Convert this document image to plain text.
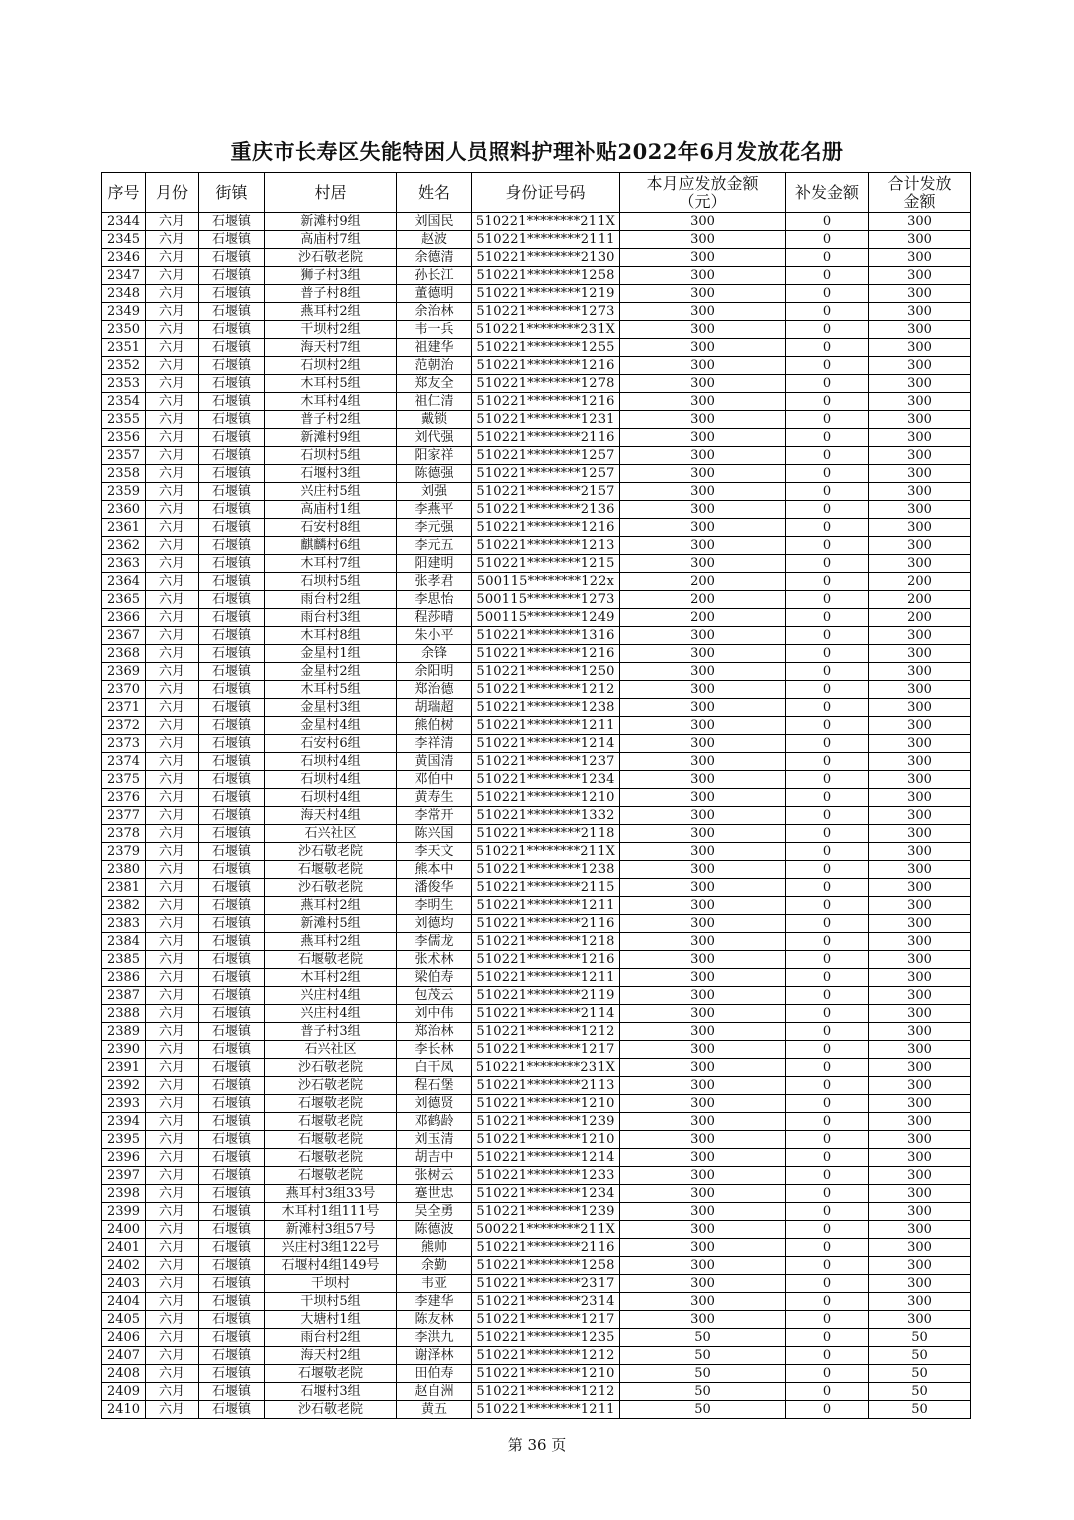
重庆市长寿区失能特困人员照料护理补贴2022年6月发放花名册
序号	月份	街镇	村居	姓名	身份证号码	本月应发放金额（元）	补发金额	合计发放金额
2344	六月	石堰镇	新滩村9组	刘国民	510221********211X	300	0	300
2345	六月	石堰镇	高庙村7组	赵波	510221********2111	300	0	300
2346	六月	石堰镇	沙石敬老院	余德清	510221********2130	300	0	300
2347	六月	石堰镇	狮子村3组	孙长江	510221********1258	300	0	300
2348	六月	石堰镇	普子村8组	董德明	510221********1219	300	0	300
2349	六月	石堰镇	燕耳村2组	余治林	510221********1273	300	0	300
2350	六月	石堰镇	干坝村2组	韦一兵	510221********231X	300	0	300
2351	六月	石堰镇	海天村7组	祖建华	510221********1255	300	0	300
2352	六月	石堰镇	石坝村2组	范朝治	510221********1216	300	0	300
2353	六月	石堰镇	木耳村5组	郑友全	510221********1278	300	0	300
2354	六月	石堰镇	木耳村4组	祖仁清	510221********1216	300	0	300
2355	六月	石堰镇	普子村2组	戴锁	510221********1231	300	0	300
2356	六月	石堰镇	新滩村9组	刘代强	510221********2116	300	0	300
2357	六月	石堰镇	石坝村5组	阳家祥	510221********1257	300	0	300
2358	六月	石堰镇	石堰村3组	陈德强	510221********1257	300	0	300
2359	六月	石堰镇	兴庄村5组	刘强	510221********2157	300	0	300
2360	六月	石堰镇	高庙村1组	李燕平	510221********2136	300	0	300
2361	六月	石堰镇	石安村8组	李元强	510221********1216	300	0	300
2362	六月	石堰镇	麒麟村6组	李元五	510221********1213	300	0	300
2363	六月	石堰镇	木耳村7组	阳建明	510221********1215	300	0	300
2364	六月	石堰镇	石坝村5组	张孝君	500115********122x	200	0	200
2365	六月	石堰镇	雨台村2组	李思怡	500115********1273	200	0	200
2366	六月	石堰镇	雨台村3组	程莎晴	500115********1249	200	0	200
2367	六月	石堰镇	木耳村8组	朱小平	510221********1316	300	0	300
2368	六月	石堰镇	金星村1组	余锋	510221********1216	300	0	300
2369	六月	石堰镇	金星村2组	余阳明	510221********1250	300	0	300
2370	六月	石堰镇	木耳村5组	郑治德	510221********1212	300	0	300
2371	六月	石堰镇	金星村3组	胡瑞超	510221********1238	300	0	300
2372	六月	石堰镇	金星村4组	熊伯树	510221********1211	300	0	300
2373	六月	石堰镇	石安村6组	李祥清	510221********1214	300	0	300
2374	六月	石堰镇	石坝村4组	黄国清	510221********1237	300	0	300
2375	六月	石堰镇	石坝村4组	邓伯中	510221********1234	300	0	300
2376	六月	石堰镇	石坝村4组	黄寿生	510221********1210	300	0	300
2377	六月	石堰镇	海天村4组	李常开	510221********1332	300	0	300
2378	六月	石堰镇	石兴社区	陈兴国	510221********2118	300	0	300
2379	六月	石堰镇	沙石敬老院	李天文	510221********211X	300	0	300
2380	六月	石堰镇	石堰敬老院	熊本中	510221********1238	300	0	300
2381	六月	石堰镇	沙石敬老院	潘俊华	510221********2115	300	0	300
2382	六月	石堰镇	燕耳村2组	李明生	510221********1211	300	0	300
2383	六月	石堰镇	新滩村5组	刘德均	510221********2116	300	0	300
2384	六月	石堰镇	燕耳村2组	李儒龙	510221********1218	300	0	300
2385	六月	石堰镇	石堰敬老院	张术林	510221********1216	300	0	300
2386	六月	石堰镇	木耳村2组	梁伯寿	510221********1211	300	0	300
2387	六月	石堰镇	兴庄村4组	包茂云	510221********2119	300	0	300
2388	六月	石堰镇	兴庄村4组	刘中伟	510221********2114	300	0	300
2389	六月	石堰镇	普子村3组	郑治林	510221********1212	300	0	300
2390	六月	石堰镇	石兴社区	李长林	510221********1217	300	0	300
2391	六月	石堰镇	沙石敬老院	白干凤	510221********231X	300	0	300
2392	六月	石堰镇	沙石敬老院	程石堡	510221********2113	300	0	300
2393	六月	石堰镇	石堰敬老院	刘德贤	510221********1210	300	0	300
2394	六月	石堰镇	石堰敬老院	邓鹤龄	510221********1239	300	0	300
2395	六月	石堰镇	石堰敬老院	刘玉清	510221********1210	300	0	300
2396	六月	石堰镇	石堰敬老院	胡吉中	510221********1214	300	0	300
2397	六月	石堰镇	石堰敬老院	张树云	510221********1233	300	0	300
2398	六月	石堰镇	燕耳村3组33号	蹇世忠	510221********1234	300	0	300
2399	六月	石堰镇	木耳村1组111号	吴全勇	510221********1239	300	0	300
2400	六月	石堰镇	新滩村3组57号	陈德波	500221********211X	300	0	300
2401	六月	石堰镇	兴庄村3组122号	熊帅	510221********2116	300	0	300
2402	六月	石堰镇	石堰村4组149号	余勤	510221********1258	300	0	300
2403	六月	石堰镇	干坝村	韦亚	510221********2317	300	0	300
2404	六月	石堰镇	干坝村5组	李建华	510221********2314	300	0	300
2405	六月	石堰镇	大塘村1组	陈友林	510221********1217	300	0	300
2406	六月	石堰镇	雨台村2组	李洪九	510221********1235	50	0	50
2407	六月	石堰镇	海天村2组	谢泽林	510221********1212	50	0	50
2408	六月	石堰镇	石堰敬老院	田伯寿	510221********1210	50	0	50
2409	六月	石堰镇	石堰村3组	赵自洲	510221********1212	50	0	50
2410	六月	石堰镇	沙石敬老院	黄五	510221********1211	50	0	50
第 36 页
